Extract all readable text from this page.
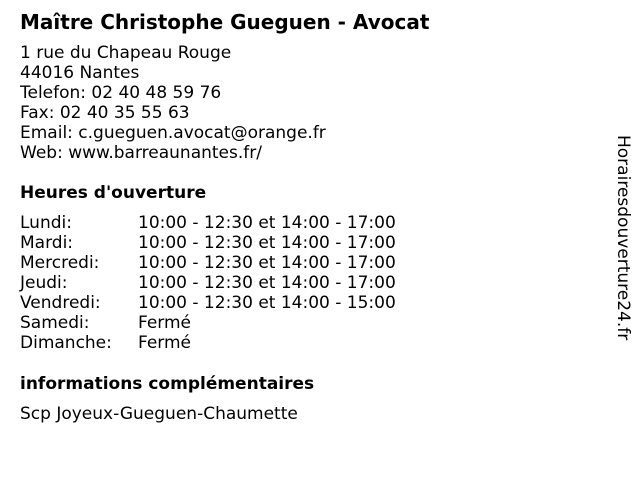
Maître Christophe Gueguen - Avocat
1 rue du Chapeau Rouge
44016 Nantes
Telefon: 02 40 48 59 76
Fax: 02 40 35 55 63
Email: c.gueguen.avocat@orange.fr
Web: www.barreaunantes.fr/
Heures d'ouverture
Lundi:	10:00 - 12:30 et 14:00 - 17:00
Mardi:	10:00 - 12:30 et 14:00 - 17:00
Mercredi: 10:00 - 12:30 et 14:00 - 17:00
Jeudi:	10:00 - 12:30 et 14:00 - 17:00
Vendredi: 10:00 - 12:30 et 14:00 - 15:00
Samedi:	Fermé
Dimanche: Fermé
informations complémentaires
Scp Joyeux-Gueguen-Chaumette
Horairesdouverture24.fr
